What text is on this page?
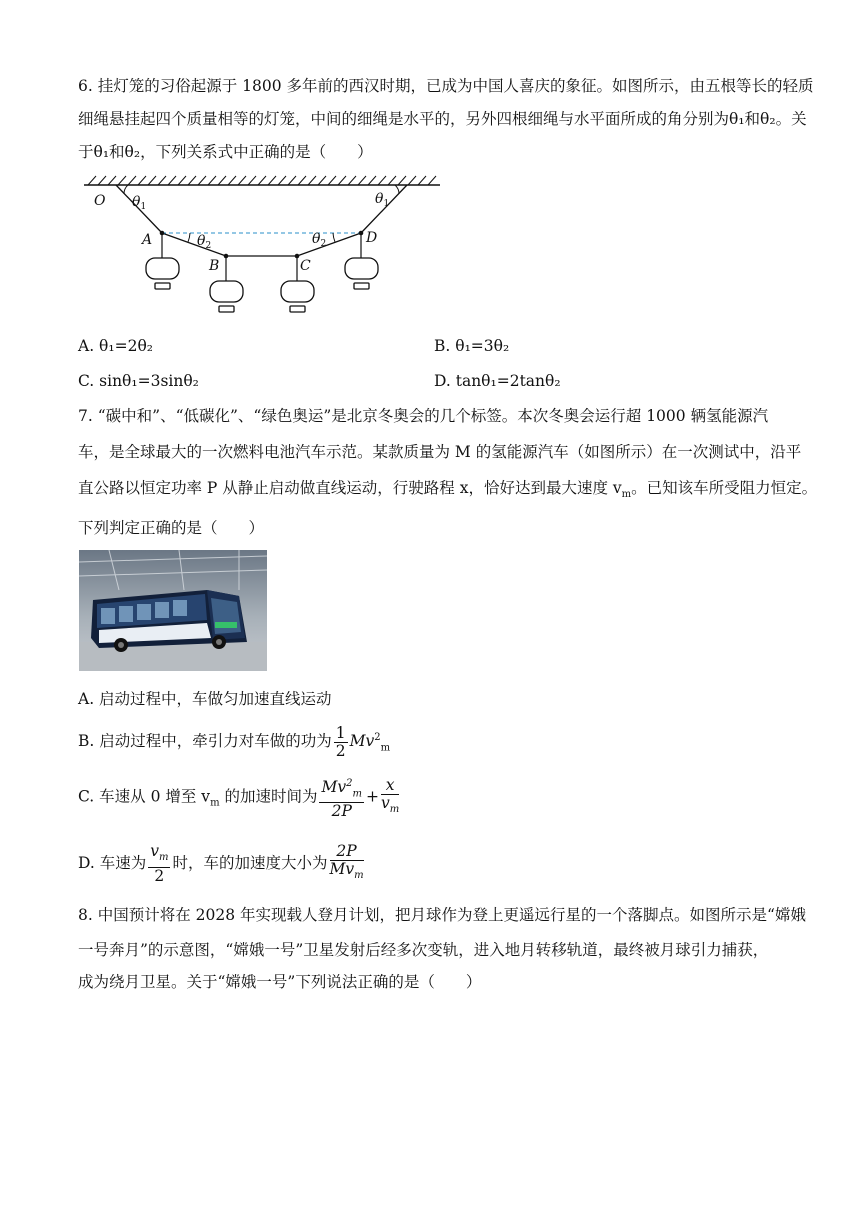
6. 挂灯笼的习俗起源于 1800 多年前的西汉时期，已成为中国人喜庆的象征。如图所示，由五根等长的轻质
细绳悬挂起四个质量相等的灯笼，中间的细绳是水平的，另外四根细绳与水平面所成的角分别为θ₁和θ₂。关
于θ₁和θ₂，下列关系式中正确的是（　　）
O
A
B	C
D
$\theta_1$	$\theta_1$
$\theta_2$	$\theta_2$
A. θ₁=2θ₂	B. θ₁=3θ₂
C. sinθ₁=3sinθ₂	D. tanθ₁=2tanθ₂
7. “碳中和”、“低碳化”、“绿色奥运”是北京冬奥会的几个标签。本次冬奥会运行超 1000 辆氢能源汽
车，是全球最大的一次燃料电池汽车示范。某款质量为 M 的氢能源汽车（如图所示）在一次测试中，沿平
直公路以恒定功率 P 从静止启动做直线运动，行驶路程 x，恰好达到最大速度 $v_m$。已知该车所受阻力恒定。
下列判定正确的是（　　）
A. 启动过程中，车做匀加速直线运动
B. 启动过程中，牵引力对车做的功为 $\frac{1}{2} Mv^2_m$
C. 车速从 0 增至 $v_m$ 的加速时间为 $\frac{Mv^2_m}{2P} + \frac{x}{v_m}$
D. 车速为 $\frac{v_m}{2}$ 时，车的加速度大小为 $\frac{2P}{Mv_m}$
8. 中国预计将在 2028 年实现载人登月计划，把月球作为登上更遥远行星的一个落脚点。如图所示是“嫦娥
一号奔月”的示意图，“嫦娥一号”卫星发射后经多次变轨，进入地月转移轨道，最终被月球引力捕获，
成为绕月卫星。关于“嫦娥一号”下列说法正确的是（　　）
